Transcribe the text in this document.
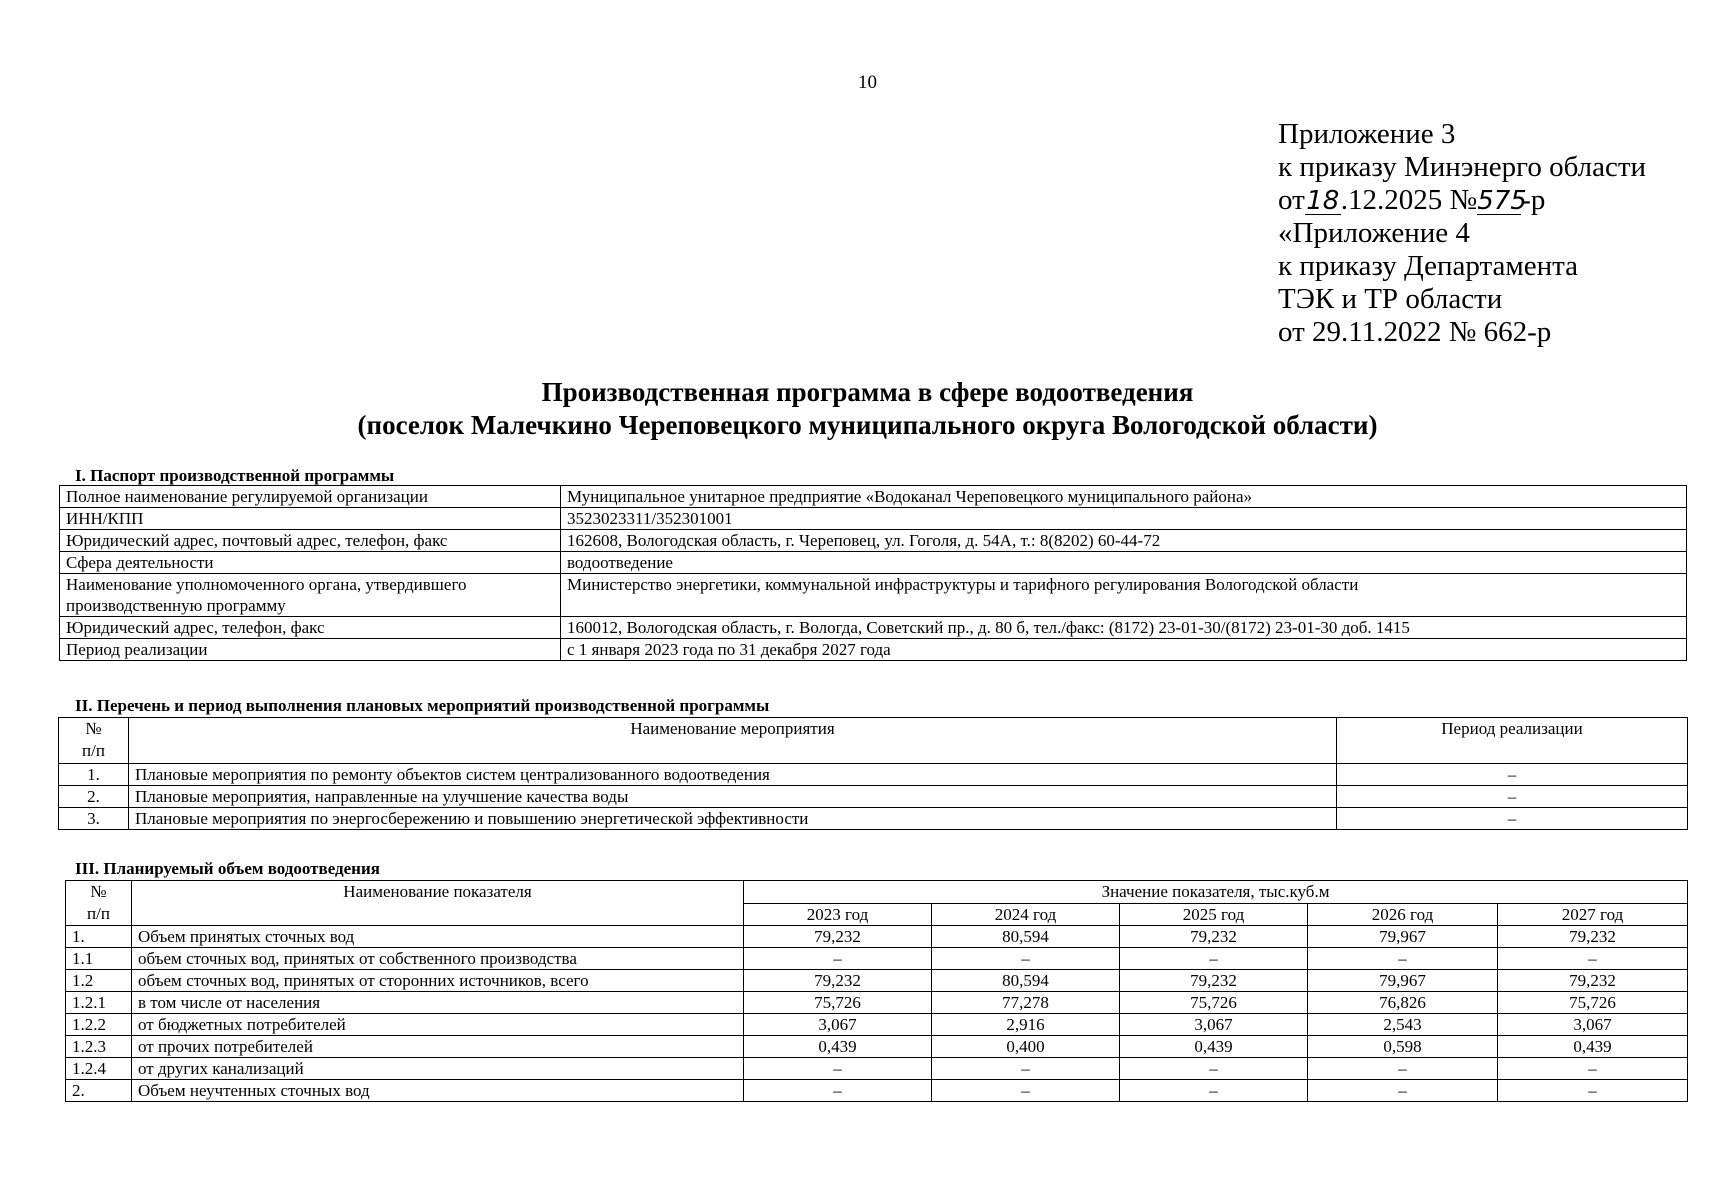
10
Приложение 3
к приказу Минэнерго области
от18.12.2025 №575-р
«Приложение 4
к приказу Департамента
ТЭК и ТР области
от 29.11.2022 № 662-р
Производственная программа в сфере водоотведения
(поселок Малечкино Череповецкого муниципального округа Вологодской области)
I. Паспорт производственной программы
Полное наименование регулируемой организации	Муниципальное унитарное предприятие «Водоканал Череповецкого муниципального района»
ИНН/КПП	3523023311/352301001
Юридический адрес, почтовый адрес, телефон, факс	162608, Вологодская область, г. Череповец, ул. Гоголя, д. 54А, т.: 8(8202) 60-44-72
Сфера деятельности	водоотведение
Наименование уполномоченного органа, утвердившего производственную программу	Министерство энергетики, коммунальной инфраструктуры и тарифного регулирования Вологодской области
Юридический адрес, телефон, факс	160012, Вологодская область, г. Вологда, Советский пр., д. 80 б, тел./факс: (8172) 23-01-30/(8172) 23-01-30 доб. 1415
Период реализации	с 1 января 2023 года по 31 декабря 2027 года
II. Перечень и период выполнения плановых мероприятий производственной программы
№
п/п	Наименование мероприятия	Период реализации
1.	Плановые мероприятия по ремонту объектов систем централизованного водоотведения	–
2.	Плановые мероприятия, направленные на улучшение качества воды	–
3.	Плановые мероприятия по энергосбережению и повышению энергетической эффективности	–
III. Планируемый объем водоотведения
№
п/п	Наименование показателя	Значение показателя, тыс.куб.м				
		2023 год	2024 год	2025 год	2026 год	2027 год
1.	Объем принятых сточных вод	79,232	80,594	79,232	79,967	79,232
1.1	объем сточных вод, принятых от собственного производства	–	–	–	–	–
1.2	объем сточных вод, принятых от сторонних источников, всего	79,232	80,594	79,232	79,967	79,232
1.2.1	в том числе от населения	75,726	77,278	75,726	76,826	75,726
1.2.2	от бюджетных потребителей	3,067	2,916	3,067	2,543	3,067
1.2.3	от прочих потребителей	0,439	0,400	0,439	0,598	0,439
1.2.4	от других канализаций	–	–	–	–	–
2.	Объем неучтенных сточных вод	–	–	–	–	–
